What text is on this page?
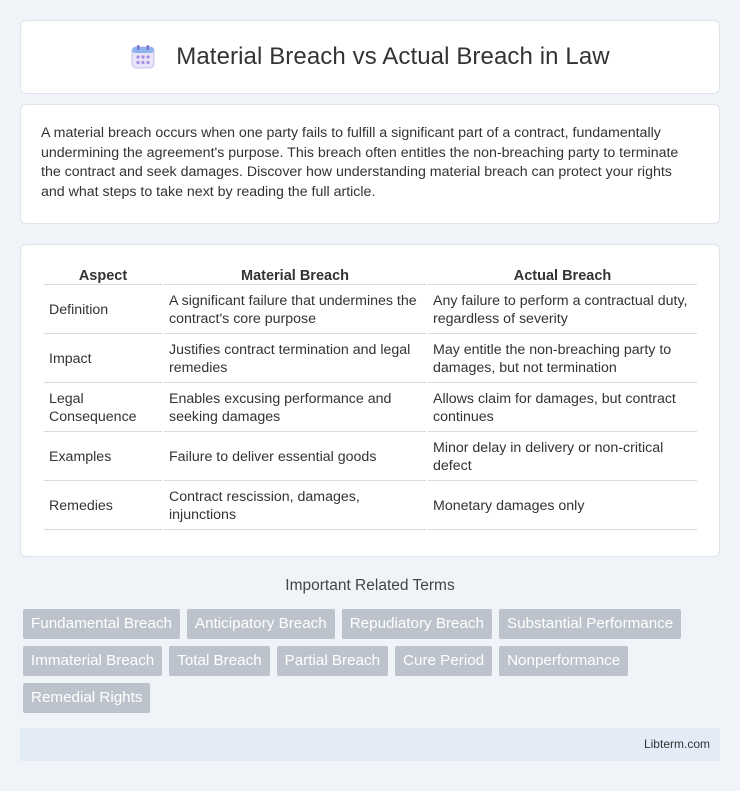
Material Breach vs Actual Breach in Law

A material breach occurs when one party fails to fulfill a significant part of a contract, fundamentally undermining the agreement's purpose. This breach often entitles the non-breaching party to terminate the contract and seek damages. Discover how understanding material breach can protect your rights and what steps to take next by reading the full article.

Aspect	Material Breach	Actual Breach
Definition	A significant failure that undermines the contract's core purpose	Any failure to perform a contractual duty, regardless of severity
Impact	Justifies contract termination and legal remedies	May entitle the non-breaching party to damages, but not termination
Legal Consequence	Enables excusing performance and seeking damages	Allows claim for damages, but contract continues
Examples	Failure to deliver essential goods	Minor delay in delivery or non-critical defect
Remedies	Contract rescission, damages, injunctions	Monetary damages only
Important Related Terms
Fundamental Breach	Anticipatory Breach	Repudiatory Breach	Substantial Performance
Immaterial Breach	Total Breach	Partial Breach	Cure Period	Nonperformance
Remedial Rights
Libterm.com
